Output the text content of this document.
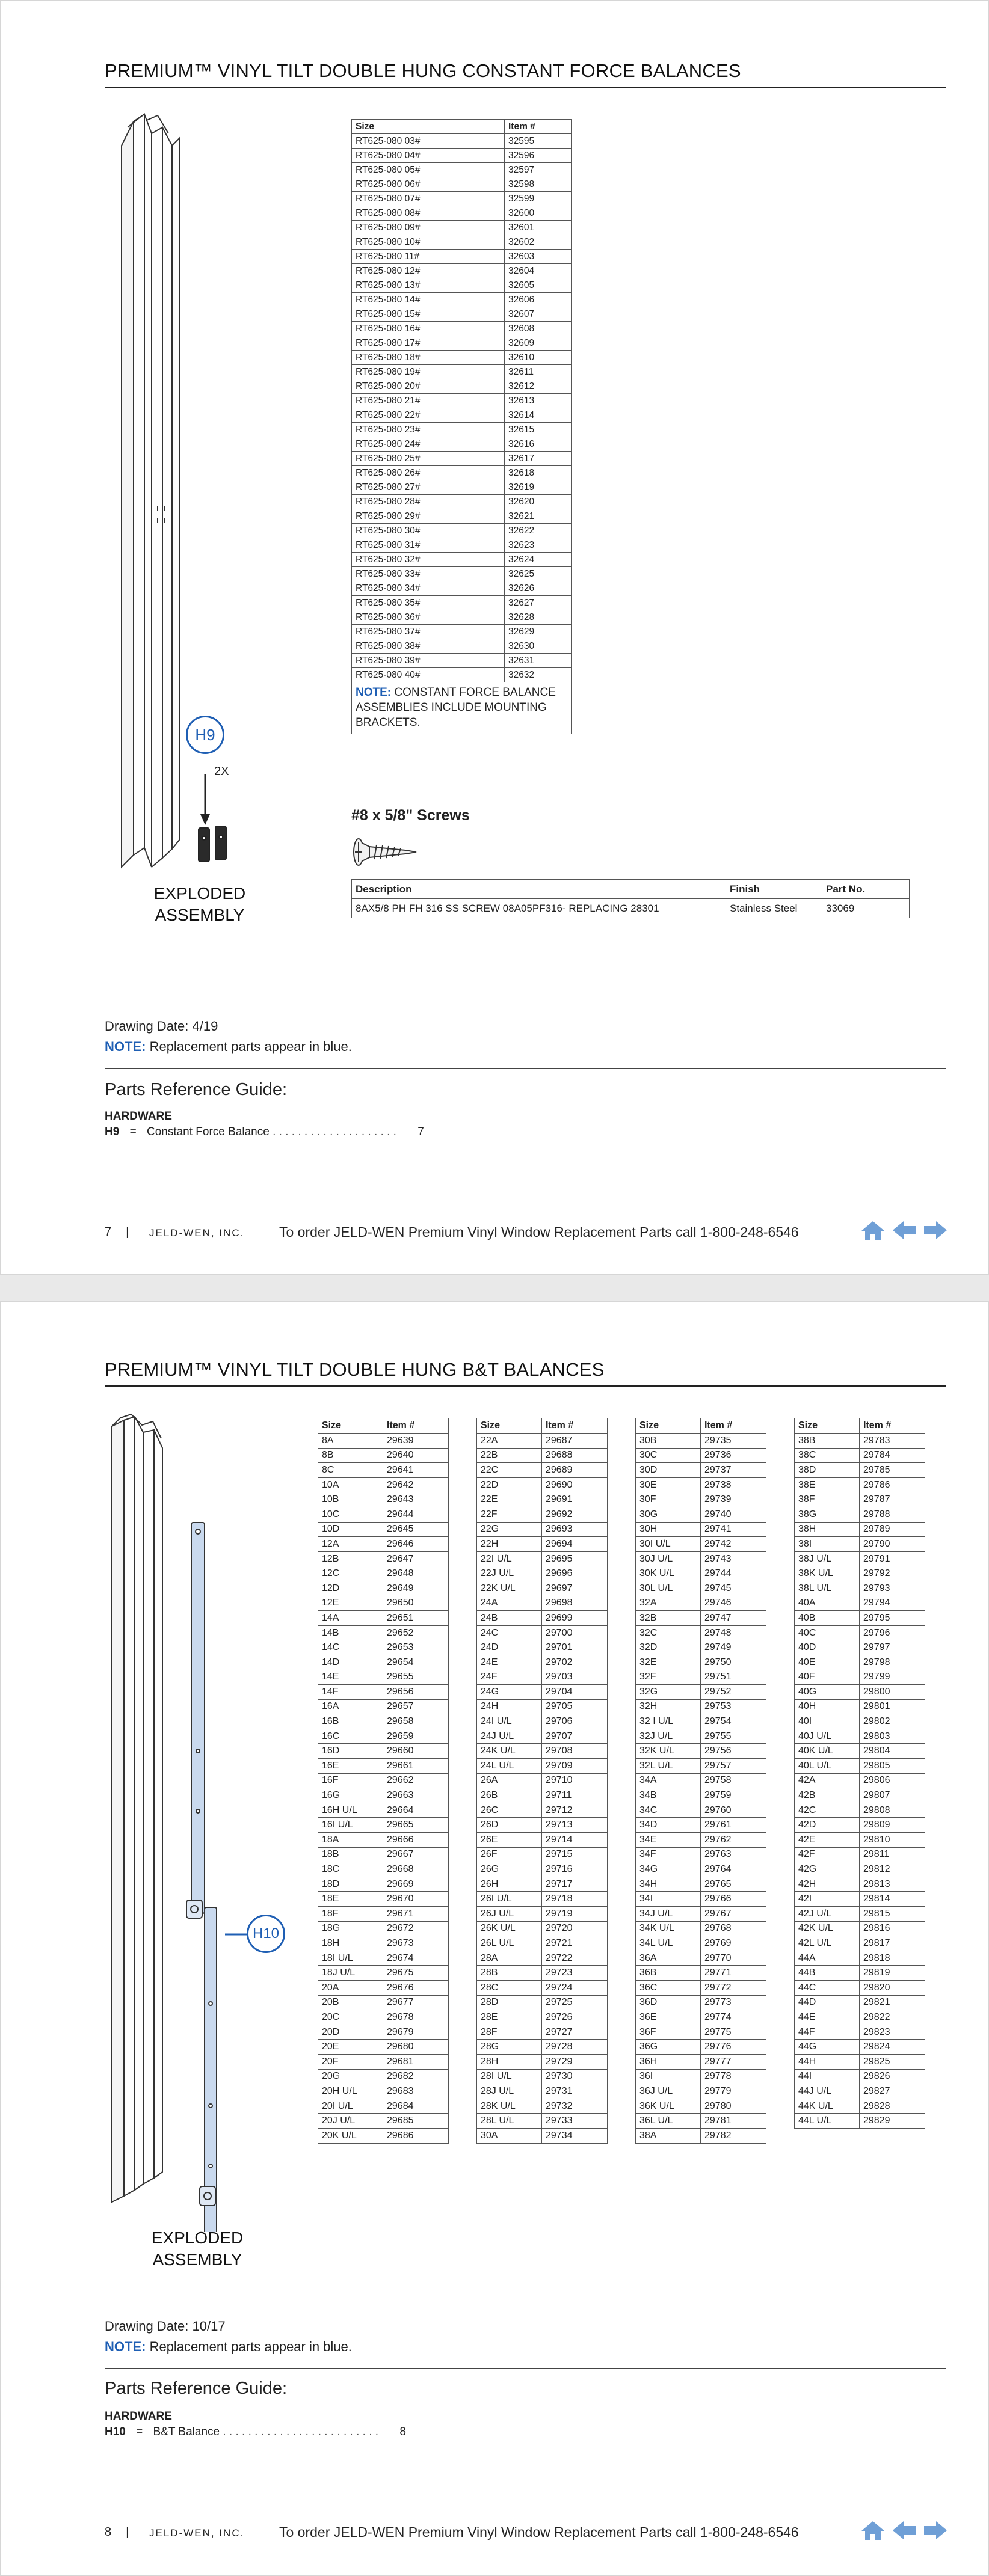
PREMIUM™ VINYL TILT DOUBLE HUNG CONSTANT FORCE BALANCES
H9
2X
EXPLODED
ASSEMBLY
Size	Item #
RT625-080 03#	32595
RT625-080 04#	32596
RT625-080 05#	32597
RT625-080 06#	32598
RT625-080 07#	32599
RT625-080 08#	32600
RT625-080 09#	32601
RT625-080 10#	32602
RT625-080 11#	32603
RT625-080 12#	32604
RT625-080 13#	32605
RT625-080 14#	32606
RT625-080 15#	32607
RT625-080 16#	32608
RT625-080 17#	32609
RT625-080 18#	32610
RT625-080 19#	32611
RT625-080 20#	32612
RT625-080 21#	32613
RT625-080 22#	32614
RT625-080 23#	32615
RT625-080 24#	32616
RT625-080 25#	32617
RT625-080 26#	32618
RT625-080 27#	32619
RT625-080 28#	32620
RT625-080 29#	32621
RT625-080 30#	32622
RT625-080 31#	32623
RT625-080 32#	32624
RT625-080 33#	32625
RT625-080 34#	32626
RT625-080 35#	32627
RT625-080 36#	32628
RT625-080 37#	32629
RT625-080 38#	32630
RT625-080 39#	32631
RT625-080 40#	32632
NOTE: CONSTANT FORCE BALANCE ASSEMBLIES INCLUDE MOUNTING BRACKETS.	
#8 x 5/8" Screws
Description	Finish	Part No.
8AX5/8 PH FH 316 SS SCREW 08A05PF316- REPLACING 28301	Stainless Steel	33069
Drawing Date: 4/19
NOTE: Replacement parts appear in blue.
Parts Reference Guide:
HARDWARE
H9 = Constant Force Balance . . . . . . . . . . . . . . . . . . . . 7
7 | JELD-WEN, INC.	To order JELD-WEN Premium Vinyl Window Replacement Parts call 1-800-248-6546
PREMIUM™ VINYL TILT DOUBLE HUNG B&T BALANCES
H10
EXPLODED
ASSEMBLY
Size	Item #
8A	29639
8B	29640
8C	29641
10A	29642
10B	29643
10C	29644
10D	29645
12A	29646
12B	29647
12C	29648
12D	29649
12E	29650
14A	29651
14B	29652
14C	29653
14D	29654
14E	29655
14F	29656
16A	29657
16B	29658
16C	29659
16D	29660
16E	29661
16F	29662
16G	29663
16H U/L	29664
16I U/L	29665
18A	29666
18B	29667
18C	29668
18D	29669
18E	29670
18F	29671
18G	29672
18H	29673
18I U/L	29674
18J U/L	29675
20A	29676
20B	29677
20C	29678
20D	29679
20E	29680
20F	29681
20G	29682
20H U/L	29683
20I U/L	29684
20J U/L	29685
20K U/L	29686
Size	Item #
22A	29687
22B	29688
22C	29689
22D	29690
22E	29691
22F	29692
22G	29693
22H	29694
22I U/L	29695
22J U/L	29696
22K U/L	29697
24A	29698
24B	29699
24C	29700
24D	29701
24E	29702
24F	29703
24G	29704
24H	29705
24I U/L	29706
24J U/L	29707
24K U/L	29708
24L U/L	29709
26A	29710
26B	29711
26C	29712
26D	29713
26E	29714
26F	29715
26G	29716
26H	29717
26I U/L	29718
26J U/L	29719
26K U/L	29720
26L U/L	29721
28A	29722
28B	29723
28C	29724
28D	29725
28E	29726
28F	29727
28G	29728
28H	29729
28I U/L	29730
28J U/L	29731
28K U/L	29732
28L U/L	29733
30A	29734
Size	Item #
30B	29735
30C	29736
30D	29737
30E	29738
30F	29739
30G	29740
30H	29741
30I U/L	29742
30J U/L	29743
30K U/L	29744
30L U/L	29745
32A	29746
32B	29747
32C	29748
32D	29749
32E	29750
32F	29751
32G	29752
32H	29753
32 I U/L	29754
32J U/L	29755
32K U/L	29756
32L U/L	29757
34A	29758
34B	29759
34C	29760
34D	29761
34E	29762
34F	29763
34G	29764
34H	29765
34I	29766
34J U/L	29767
34K U/L	29768
34L U/L	29769
36A	29770
36B	29771
36C	29772
36D	29773
36E	29774
36F	29775
36G	29776
36H	29777
36I	29778
36J U/L	29779
36K U/L	29780
36L U/L	29781
38A	29782
Size	Item #
38B	29783
38C	29784
38D	29785
38E	29786
38F	29787
38G	29788
38H	29789
38I	29790
38J U/L	29791
38K U/L	29792
38L U/L	29793
40A	29794
40B	29795
40C	29796
40D	29797
40E	29798
40F	29799
40G	29800
40H	29801
40I	29802
40J U/L	29803
40K U/L	29804
40L U/L	29805
42A	29806
42B	29807
42C	29808
42D	29809
42E	29810
42F	29811
42G	29812
42H	29813
42I	29814
42J U/L	29815
42K U/L	29816
42L U/L	29817
44A	29818
44B	29819
44C	29820
44D	29821
44E	29822
44F	29823
44G	29824
44H	29825
44I	29826
44J U/L	29827
44K U/L	29828
44L U/L	29829
Drawing Date: 10/17
NOTE: Replacement parts appear in blue.
Parts Reference Guide:
HARDWARE
H10 = B&T Balance . . . . . . . . . . . . . . . . . . . . . . . . . 8
8 | JELD-WEN, INC.	To order JELD-WEN Premium Vinyl Window Replacement Parts call 1-800-248-6546
